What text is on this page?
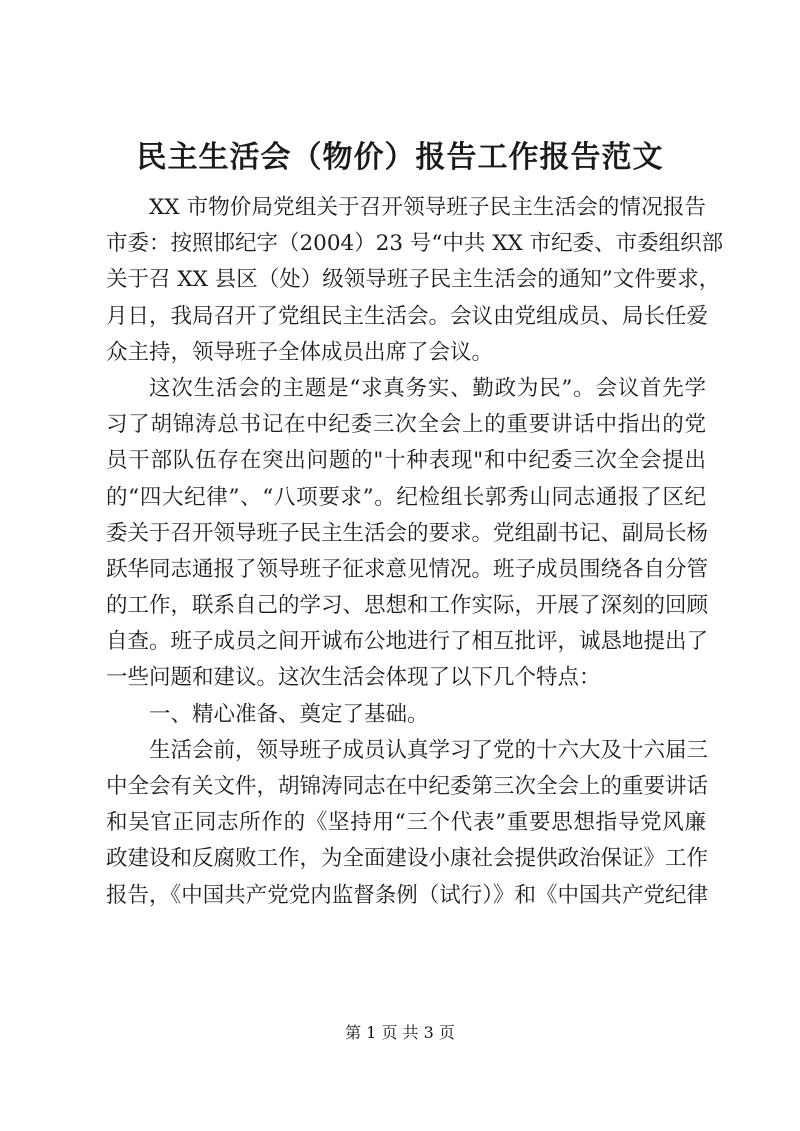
民主生活会（物价）报告工作报告范文
XX 市物价局党组关于召开领导班子民主生活会的情况报告
市委：按照邯纪字（2004）23 号“中共 XX 市纪委、市委组织部
关于召 XX 县区（处）级领导班子民主生活会的通知”文件要求，
月日，我局召开了党组民主生活会。会议由党组成员、局长任爱
众主持，领导班子全体成员出席了会议。
这次生活会的主题是“求真务实、勤政为民”。会议首先学
习了胡锦涛总书记在中纪委三次全会上的重要讲话中指出的党
员干部队伍存在突出问题的"十种表现"和中纪委三次全会提出
的“四大纪律”、“八项要求”。纪检组长郭秀山同志通报了区纪
委关于召开领导班子民主生活会的要求。党组副书记、副局长杨
跃华同志通报了领导班子征求意见情况。班子成员围绕各自分管
的工作，联系自己的学习、思想和工作实际，开展了深刻的回顾
自查。班子成员之间开诚布公地进行了相互批评，诚恳地提出了
一些问题和建议。这次生活会体现了以下几个特点：
一、精心准备、奠定了基础。
生活会前，领导班子成员认真学习了党的十六大及十六届三
中全会有关文件，胡锦涛同志在中纪委第三次全会上的重要讲话
和吴官正同志所作的《坚持用“三个代表”重要思想指导党风廉
政建设和反腐败工作，为全面建设小康社会提供政治保证》工作
报告，《中国共产党党内监督条例（试行）》和《中国共产党纪律
第 1 页 共 3 页
